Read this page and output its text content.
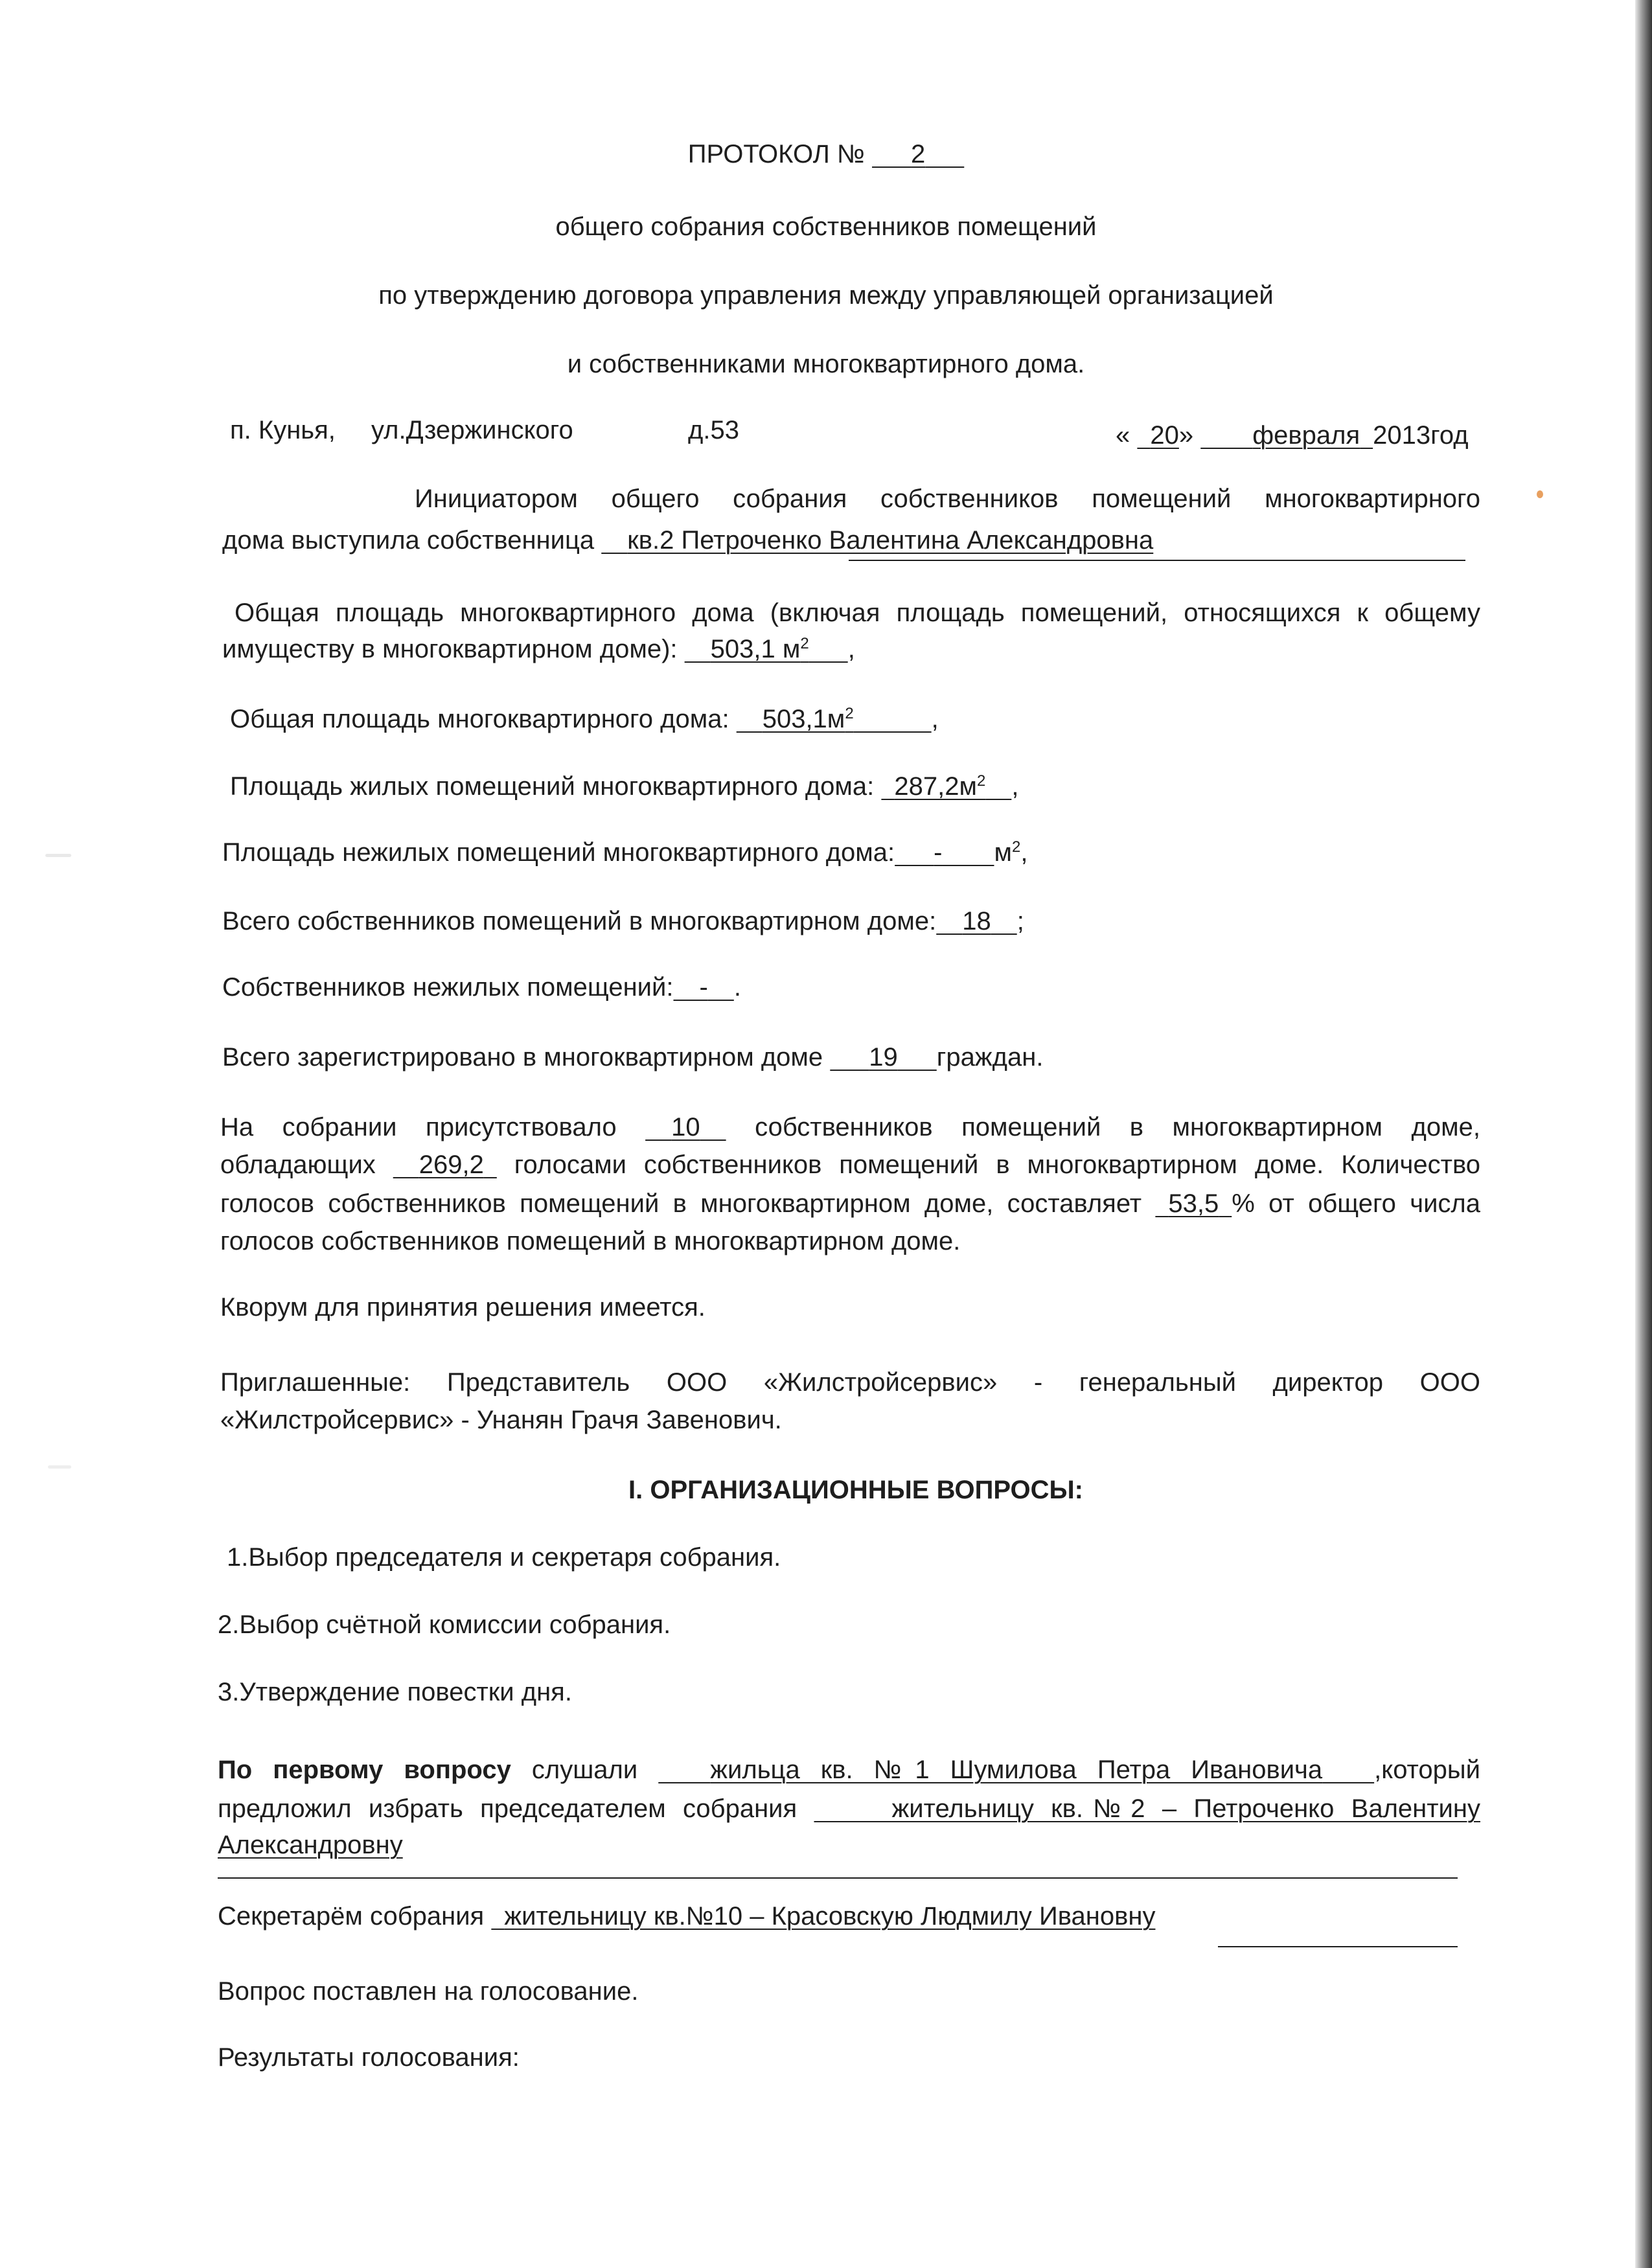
ПРОТОКОЛ №    2  
общего собрания собственников помещений
по утверждению договора управления между управляющей организацией
и собственниками многоквартирного дома.
п. Кунья, ул.Дзержинского	д.53	«   20»    февраля  2013год
Инициатором общего собрания собственников помещений многоквартирного
дома выступила собственница   кв.2 Петроченко Валентина Александровна
Общая площадь многоквартирного дома (включая площадь помещений, относящихся к общему
имуществу в многоквартирном доме):   503,1 $м^2$   ,
Общая площадь многоквартирного дома:   $503,1м^2$   	,
Площадь жилых помещений многоквартирного дома:   $287,2м^2$  ,
Площадь нежилых помещений многоквартирного дома:   -   $м^2$,
Всего собственников помещений в многоквартирном доме:  18  ;
Собственников нежилых помещений:  -   .
Всего зарегистрировано в многоквартирном доме    19   граждан.
На собрании присутствовало   10  собственников помещений в многоквартирном доме,
обладающих   269,2  голосами собственников помещений в многоквартирном доме. Количество
голосов собственников помещений в многоквартирном доме, составляет   53,5  % от общего числа
голосов собственников помещений в многоквартирном доме.
Кворум для принятия решения имеется.
Приглашенные: Представитель ООО «Жилстройсервис» - генеральный директор ООО
«Жилстройсервис» - Унанян Грачя Завенович.
I. ОРГАНИЗАЦИОННЫЕ ВОПРОСЫ:
1.Выбор председателя и секретаря собрания.
2.Выбор счётной комиссии собрания.
3.Утверждение повестки дня.
По первому вопросу слушали   	жильца кв. №1 Шумилова Петра Ивановича   ,который
предложил избрать председателем собрания    	жительницу кв.№2 – Петроченко Валентину
Александровну
Секретарём собрания   жительницу кв.№10 – Красовскую Людмилу Ивановну
Вопрос поставлен на голосование.
Результаты голосования:
